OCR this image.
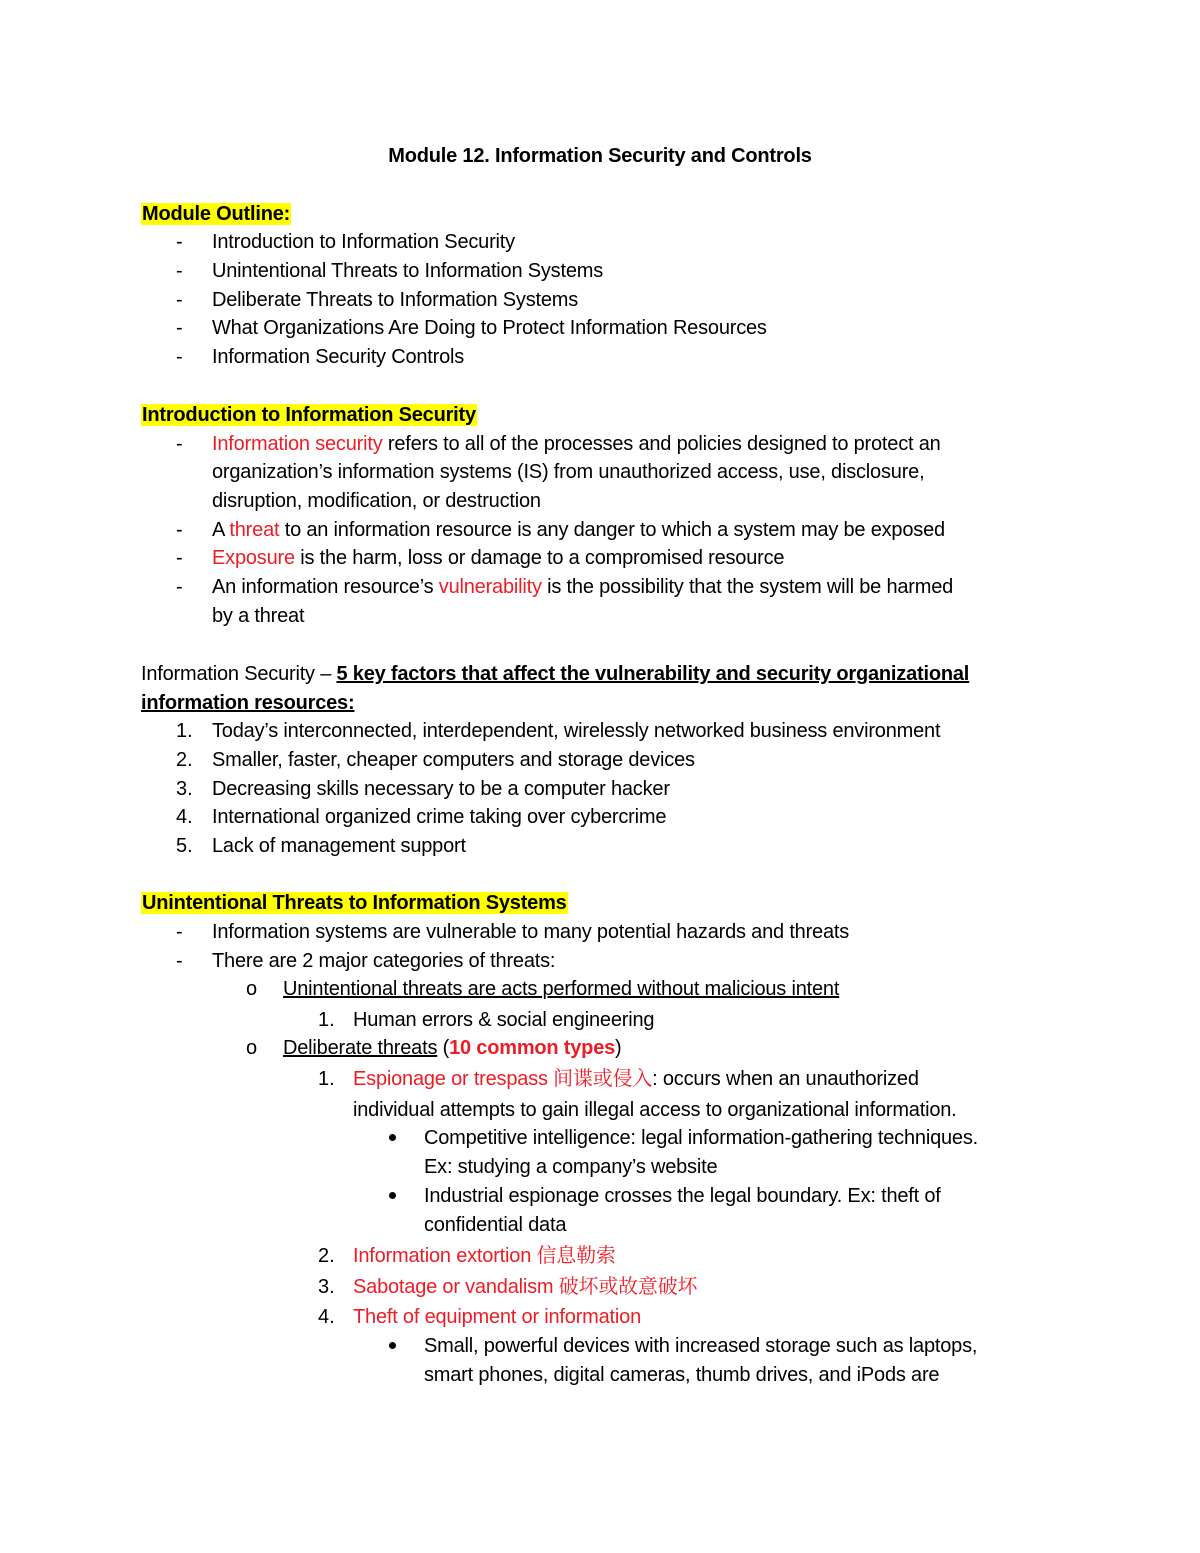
Module 12. Information Security and Controls
Module Outline:
- Introduction to Information Security
- Unintentional Threats to Information Systems
- Deliberate Threats to Information Systems
- What Organizations Are Doing to Protect Information Resources
- Information Security Controls
Introduction to Information Security
- Information security refers to all of the processes and policies designed to protect an
organization’s information systems (IS) from unauthorized access, use, disclosure,
disruption, modification, or destruction
- A threat to an information resource is any danger to which a system may be exposed
- Exposure is the harm, loss or damage to a compromised resource
- An information resource’s vulnerability is the possibility that the system will be harmed
by a threat
Information Security – 5 key factors that affect the vulnerability and security organizational
information resources:
1. Today’s interconnected, interdependent, wirelessly networked business environment
2. Smaller, faster, cheaper computers and storage devices
3. Decreasing skills necessary to be a computer hacker
4. International organized crime taking over cybercrime
5. Lack of management support
Unintentional Threats to Information Systems
- Information systems are vulnerable to many potential hazards and threats
- There are 2 major categories of threats:
o Unintentional threats are acts performed without malicious intent
1. Human errors & social engineering
o Deliberate threats (10 common types)
1. Espionage or trespass 间谍或侵入: occurs when an unauthorized
individual attempts to gain illegal access to organizational information.
Competitive intelligence: legal information-gathering techniques.
Ex: studying a company’s website
Industrial espionage crosses the legal boundary. Ex: theft of
confidential data
2. Information extortion 信息勒索
3. Sabotage or vandalism 破坏或故意破坏
4. Theft of equipment or information
Small, powerful devices with increased storage such as laptops,
smart phones, digital cameras, thumb drives, and iPods are
